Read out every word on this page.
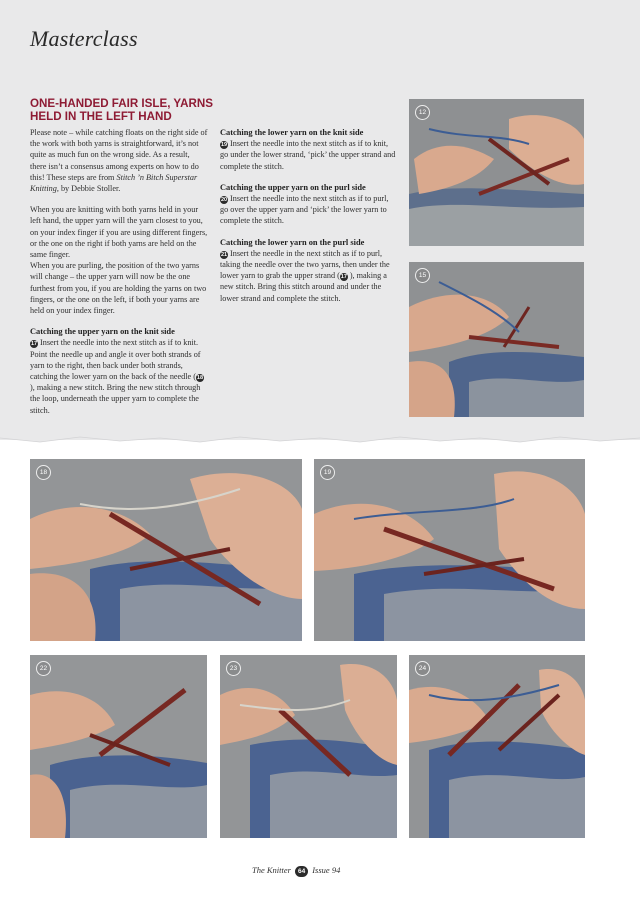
Masterclass
ONE-HANDED FAIR ISLE, YARNS HELD IN THE LEFT HAND

Please note – while catching floats on the right side of the work with both yarns is straightforward, it’s not quite as much fun on the wrong side. As a result, there isn’t a consensus among experts on how to do this! These steps are from Stitch ’n Bitch Superstar Knitting, by Debbie Stoller.

When you are knitting with both yarns held in your left hand, the upper yarn will the yarn closest to you, on your index finger if you are using different fingers, or the one on the right if both yarns are held on the same finger.

When you are purling, the position of the two yarns will change – the upper yarn will now be the one furthest from you, if you are holding the yarns on two fingers, or the one on the left, if both your yarns are held on your index finger.

Catching the upper yarn on the knit side

17 Insert the needle into the next stitch as if to knit. Point the needle up and angle it over both strands of yarn to the right, then back under both strands, catching the lower yarn on the back of the needle (18), making a new stitch. Bring the new stitch through the loop, underneath the upper yarn to complete the stitch.

Catching the lower yarn on the knit side

19 Insert the needle into the next stitch as if to knit, go under the lower strand, ‘pick’ the upper strand and complete the stitch.

Catching the upper yarn on the purl side

20 Insert the needle into the next stitch as if to purl, go over the upper yarn and ‘pick’ the lower yarn to complete the stitch.

Catching the lower yarn on the purl side

21 Insert the needle in the next stitch as if to purl, taking the needle over the two yarns, then under the lower yarn to grab the upper strand (17 ), making a new stitch. Bring this stitch around and under the lower strand and complete the stitch.

12
15
18	19
22	23	24
The Knitter 64 Issue 94
